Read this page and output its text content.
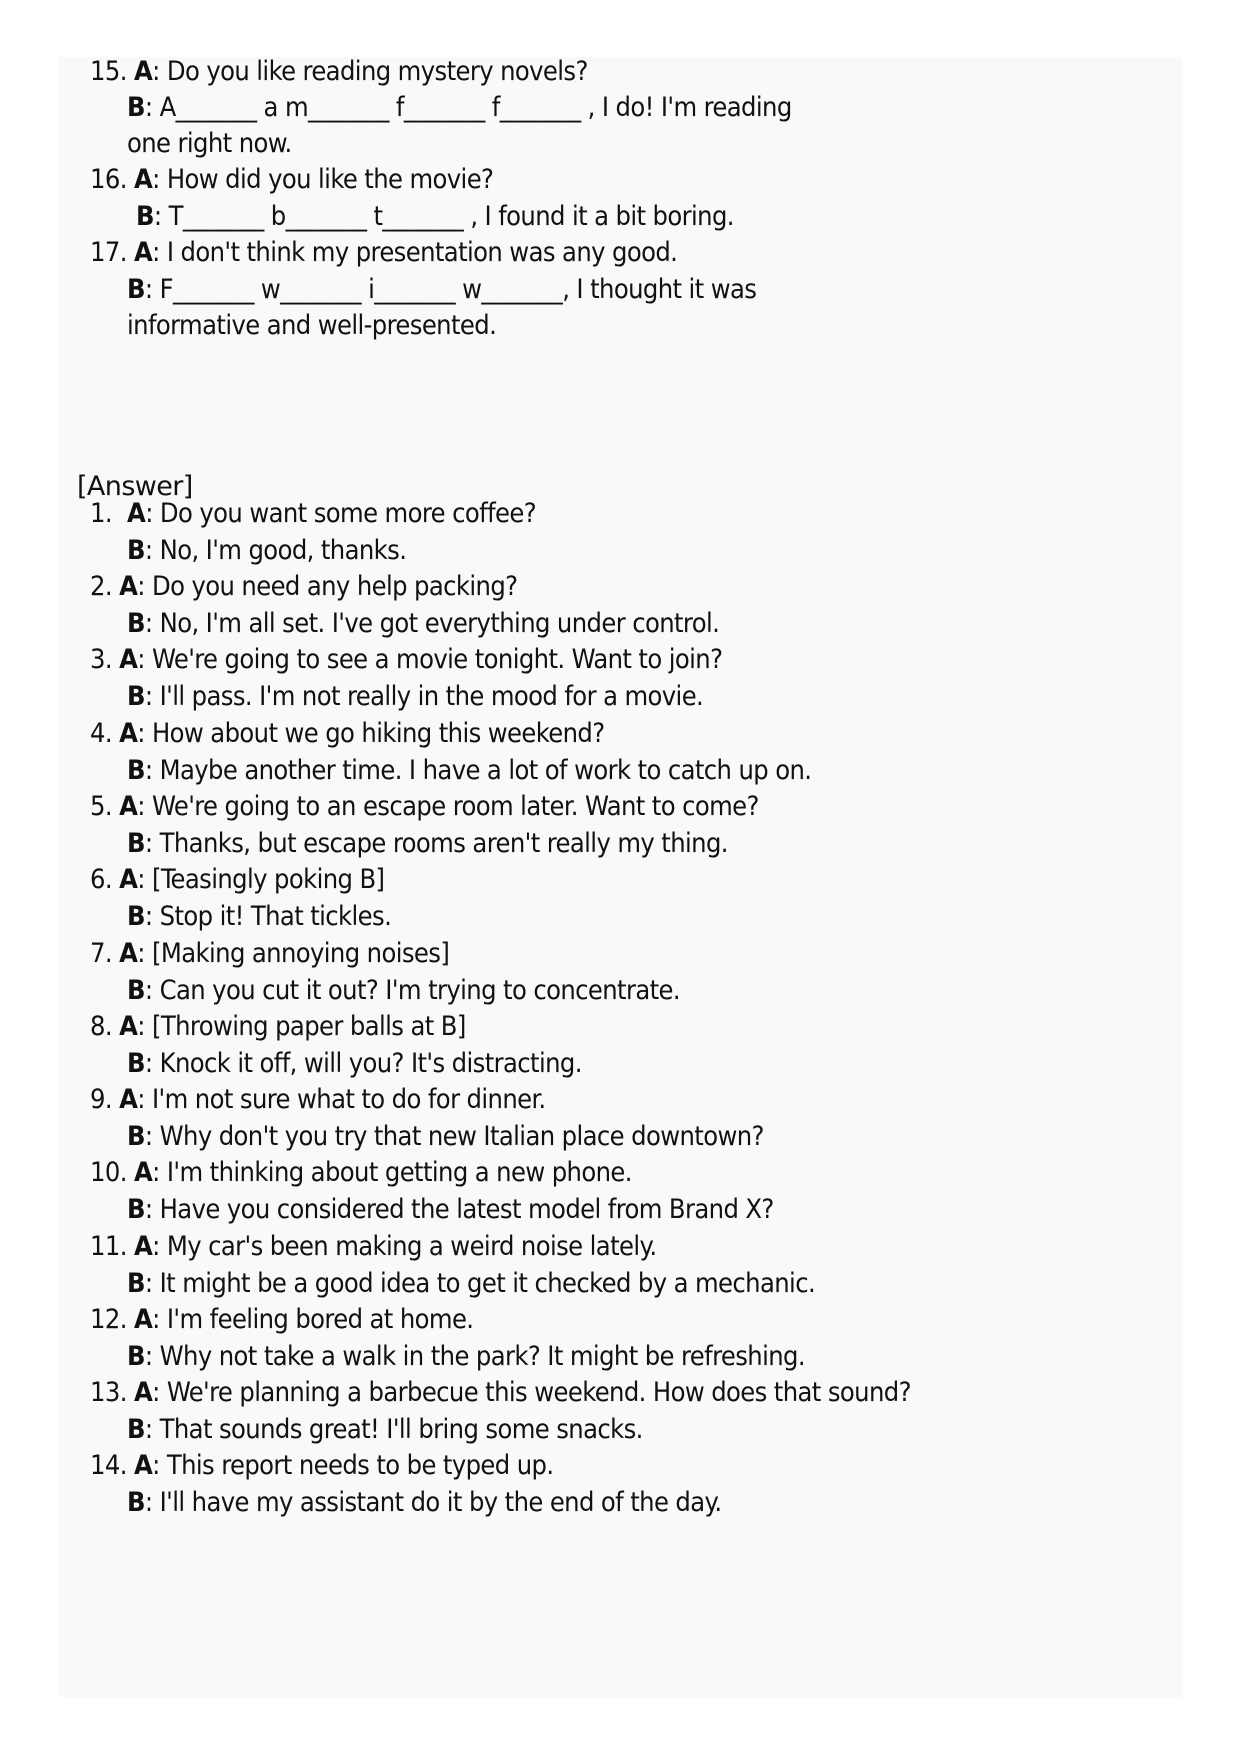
15. A: Do you like reading mystery novels?
B: A_______ a m_______ f_______ f_______ , I do! I'm reading
one right now.
16. A: How did you like the movie?
B: T_______ b_______ t_______ , I found it a bit boring.
17. A: I don't think my presentation was any good.
B: F_______ w_______ i_______ w_______, I thought it was
informative and well-presented.
[Answer]
1. A: Do you want some more coffee?
B: No, I'm good, thanks.
2. A: Do you need any help packing?
B: No, I'm all set. I've got everything under control.
3. A: We're going to see a movie tonight. Want to join?
B: I'll pass. I'm not really in the mood for a movie.
4. A: How about we go hiking this weekend?
B: Maybe another time. I have a lot of work to catch up on.
5. A: We're going to an escape room later. Want to come?
B: Thanks, but escape rooms aren't really my thing.
6. A: [Teasingly poking B]
B: Stop it! That tickles.
7. A: [Making annoying noises]
B: Can you cut it out? I'm trying to concentrate.
8. A: [Throwing paper balls at B]
B: Knock it off, will you? It's distracting.
9. A: I'm not sure what to do for dinner.
B: Why don't you try that new Italian place downtown?
10. A: I'm thinking about getting a new phone.
B: Have you considered the latest model from Brand X?
11. A: My car's been making a weird noise lately.
B: It might be a good idea to get it checked by a mechanic.
12. A: I'm feeling bored at home.
B: Why not take a walk in the park? It might be refreshing.
13. A: We're planning a barbecue this weekend. How does that sound?
B: That sounds great! I'll bring some snacks.
14. A: This report needs to be typed up.
B: I'll have my assistant do it by the end of the day.
